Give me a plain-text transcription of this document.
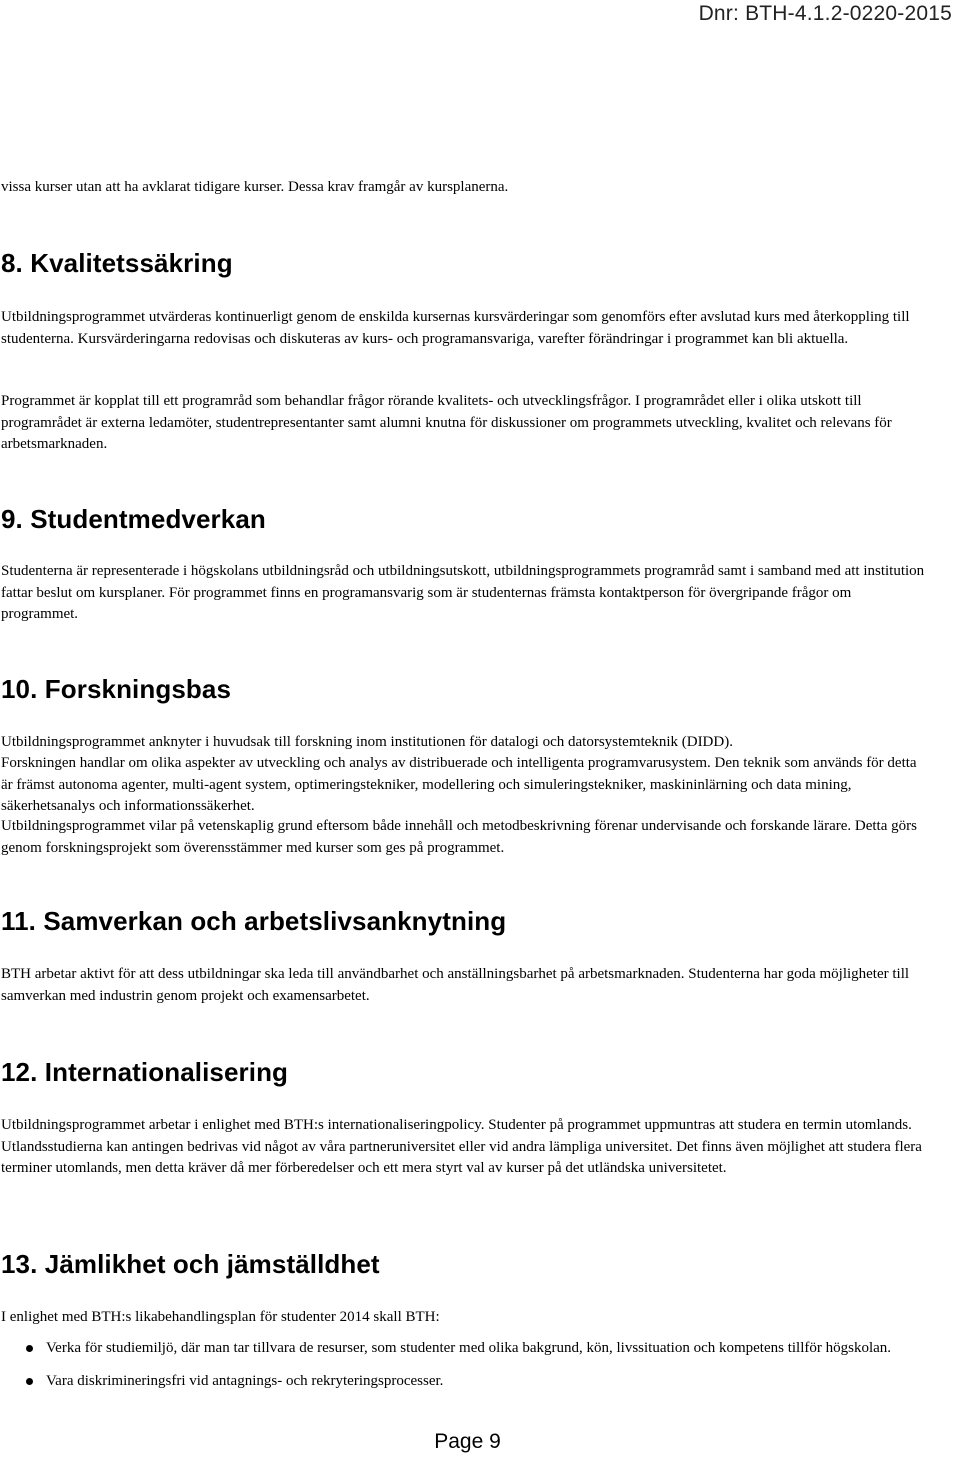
Dnr: BTH-4.1.2-0220-2015

vissa kurser utan att ha avklarat tidigare kurser. Dessa krav framgår av kursplanerna.

8. Kvalitetssäkring

Utbildningsprogrammet utvärderas kontinuerligt genom de enskilda kursernas kursvärderingar som genomförs efter avslutad kurs med återkoppling till studenterna. Kursvärderingarna redovisas och diskuteras av kurs- och programansvariga, varefter förändringar i programmet kan bli aktuella.

Programmet är kopplat till ett programråd som behandlar frågor rörande kvalitets- och utvecklingsfrågor. I programrådet eller i olika utskott till programrådet är externa ledamöter, studentrepresentanter samt alumni knutna för diskussioner om programmets utveckling, kvalitet och relevans för arbetsmarknaden.

9. Studentmedverkan

Studenterna är representerade i högskolans utbildningsråd och utbildningsutskott, utbildningsprogrammets programråd samt i samband med att institution fattar beslut om kursplaner. För programmet finns en programansvarig som är studenternas främsta kontaktperson för övergripande frågor om programmet.

10. Forskningsbas

Utbildningsprogrammet anknyter i huvudsak till forskning inom institutionen för datalogi och datorsystemteknik (DIDD).

Forskningen handlar om olika aspekter av utveckling och analys av distribuerade och intelligenta programvarusystem. Den teknik som används för detta är främst autonoma agenter, multi-agent system, optimeringstekniker, modellering och simuleringstekniker, maskininlärning och data mining, säkerhetsanalys och informationssäkerhet.

Utbildningsprogrammet vilar på vetenskaplig grund eftersom både innehåll och metodbeskrivning förenar undervisande och forskande lärare. Detta görs genom forskningsprojekt som överensstämmer med kurser som ges på programmet.

11. Samverkan och arbetslivsanknytning

BTH arbetar aktivt för att dess utbildningar ska leda till användbarhet och anställningsbarhet på arbetsmarknaden. Studenterna har goda möjligheter till samverkan med industrin genom projekt och examensarbetet.

12. Internationalisering

Utbildningsprogrammet arbetar i enlighet med BTH:s internationaliseringpolicy. Studenter på programmet uppmuntras att studera en termin utomlands. Utlandsstudierna kan antingen bedrivas vid något av våra partneruniversitet eller vid andra lämpliga universitet. Det finns även möjlighet att studera flera terminer utomlands, men detta kräver då mer förberedelser och ett mera styrt val av kurser på det utländska universitetet.

13. Jämlikhet och jämställdhet

I enlighet med BTH:s likabehandlingsplan för studenter 2014 skall BTH:

Verka för studiemiljö, där man tar tillvara de resurser, som studenter med olika bakgrund, kön, livssituation och kompetens tillför högskolan.
Vara diskrimineringsfri vid antagnings- och rekryteringsprocesser.
Page 9
